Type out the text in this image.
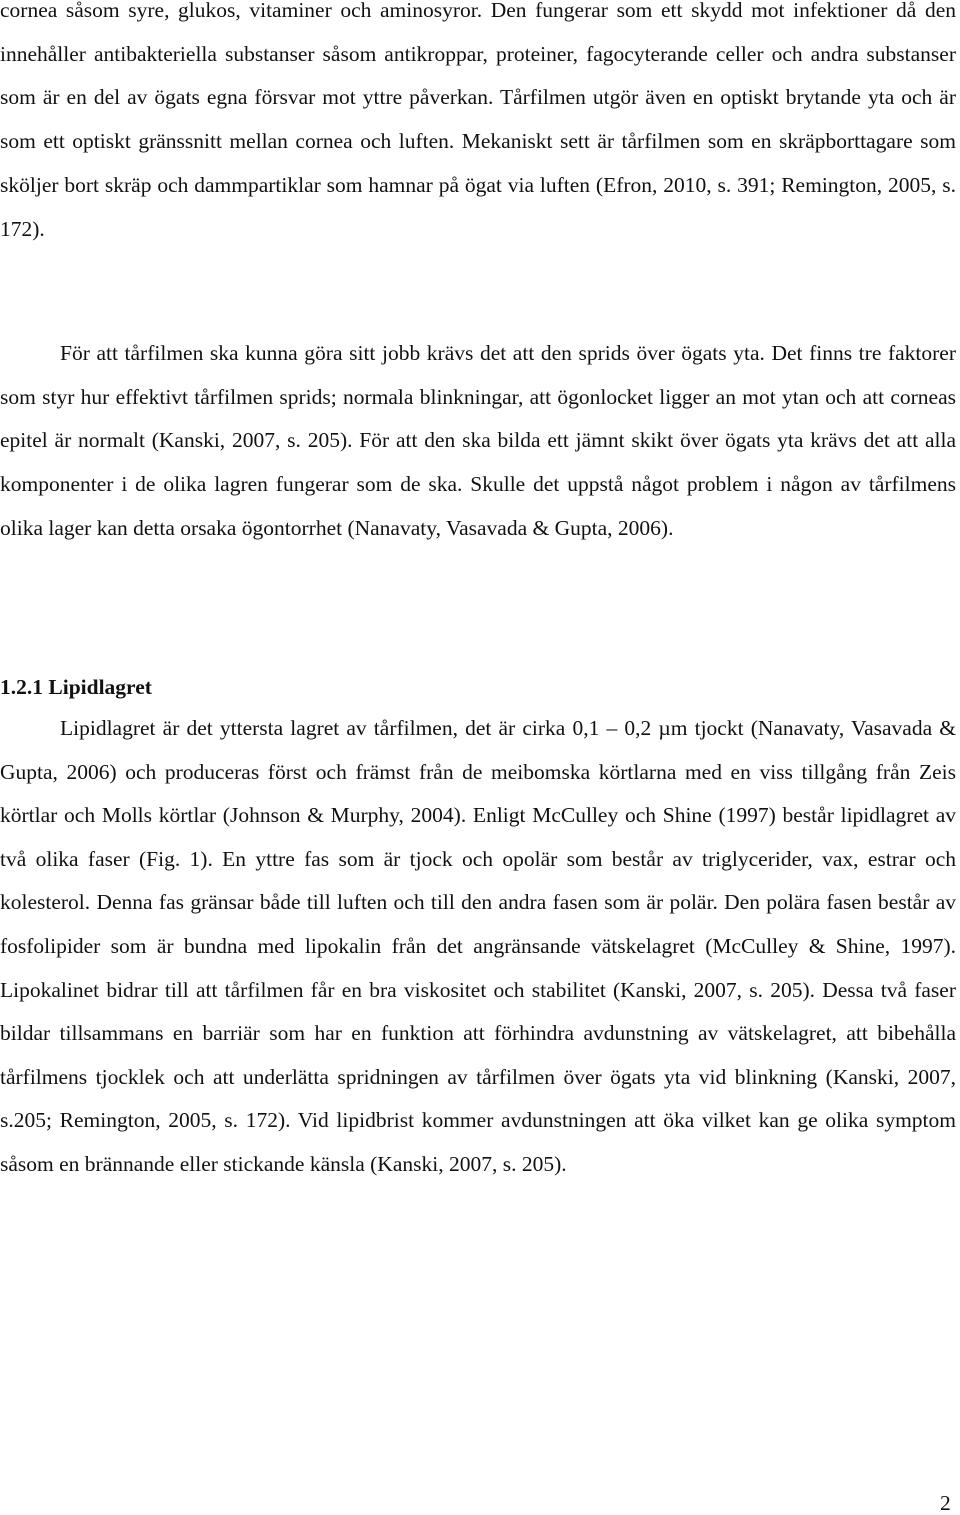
cornea såsom syre, glukos, vitaminer och aminosyror. Den fungerar som ett skydd mot infektioner då den innehåller antibakteriella substanser såsom antikroppar, proteiner, fagocyterande celler och andra substanser som är en del av ögats egna försvar mot yttre påverkan. Tårfilmen utgör även en optiskt brytande yta och är som ett optiskt gränssnitt mellan cornea och luften. Mekaniskt sett är tårfilmen som en skräpborttagare som sköljer bort skräp och dammpartiklar som hamnar på ögat via luften (Efron, 2010, s. 391; Remington, 2005, s. 172).

För att tårfilmen ska kunna göra sitt jobb krävs det att den sprids över ögats yta. Det finns tre faktorer som styr hur effektivt tårfilmen sprids; normala blinkningar, att ögonlocket ligger an mot ytan och att corneas epitel är normalt (Kanski, 2007, s. 205). För att den ska bilda ett jämnt skikt över ögats yta krävs det att alla komponenter i de olika lagren fungerar som de ska. Skulle det uppstå något problem i någon av tårfilmens olika lager kan detta orsaka ögontorrhet (Nanavaty, Vasavada & Gupta, 2006).

1.2.1 Lipidlagret

Lipidlagret är det yttersta lagret av tårfilmen, det är cirka 0,1 – 0,2 µm tjockt (Nanavaty, Vasavada & Gupta, 2006) och produceras först och främst från de meibomska körtlarna med en viss tillgång från Zeis körtlar och Molls körtlar (Johnson & Murphy, 2004). Enligt McCulley och Shine (1997) består lipidlagret av två olika faser (Fig. 1). En yttre fas som är tjock och opolär som består av triglycerider, vax, estrar och kolesterol. Denna fas gränsar både till luften och till den andra fasen som är polär. Den polära fasen består av fosfolipider som är bundna med lipokalin från det angränsande vätskelagret (McCulley & Shine, 1997). Lipokalinet bidrar till att tårfilmen får en bra viskositet och stabilitet (Kanski, 2007, s. 205). Dessa två faser bildar tillsammans en barriär som har en funktion att förhindra avdunstning av vätskelagret, att bibehålla tårfilmens tjocklek och att underlätta spridningen av tårfilmen över ögats yta vid blinkning (Kanski, 2007, s.205; Remington, 2005, s. 172). Vid lipidbrist kommer avdunstningen att öka vilket kan ge olika symptom såsom en brännande eller stickande känsla (Kanski, 2007, s. 205).

2
